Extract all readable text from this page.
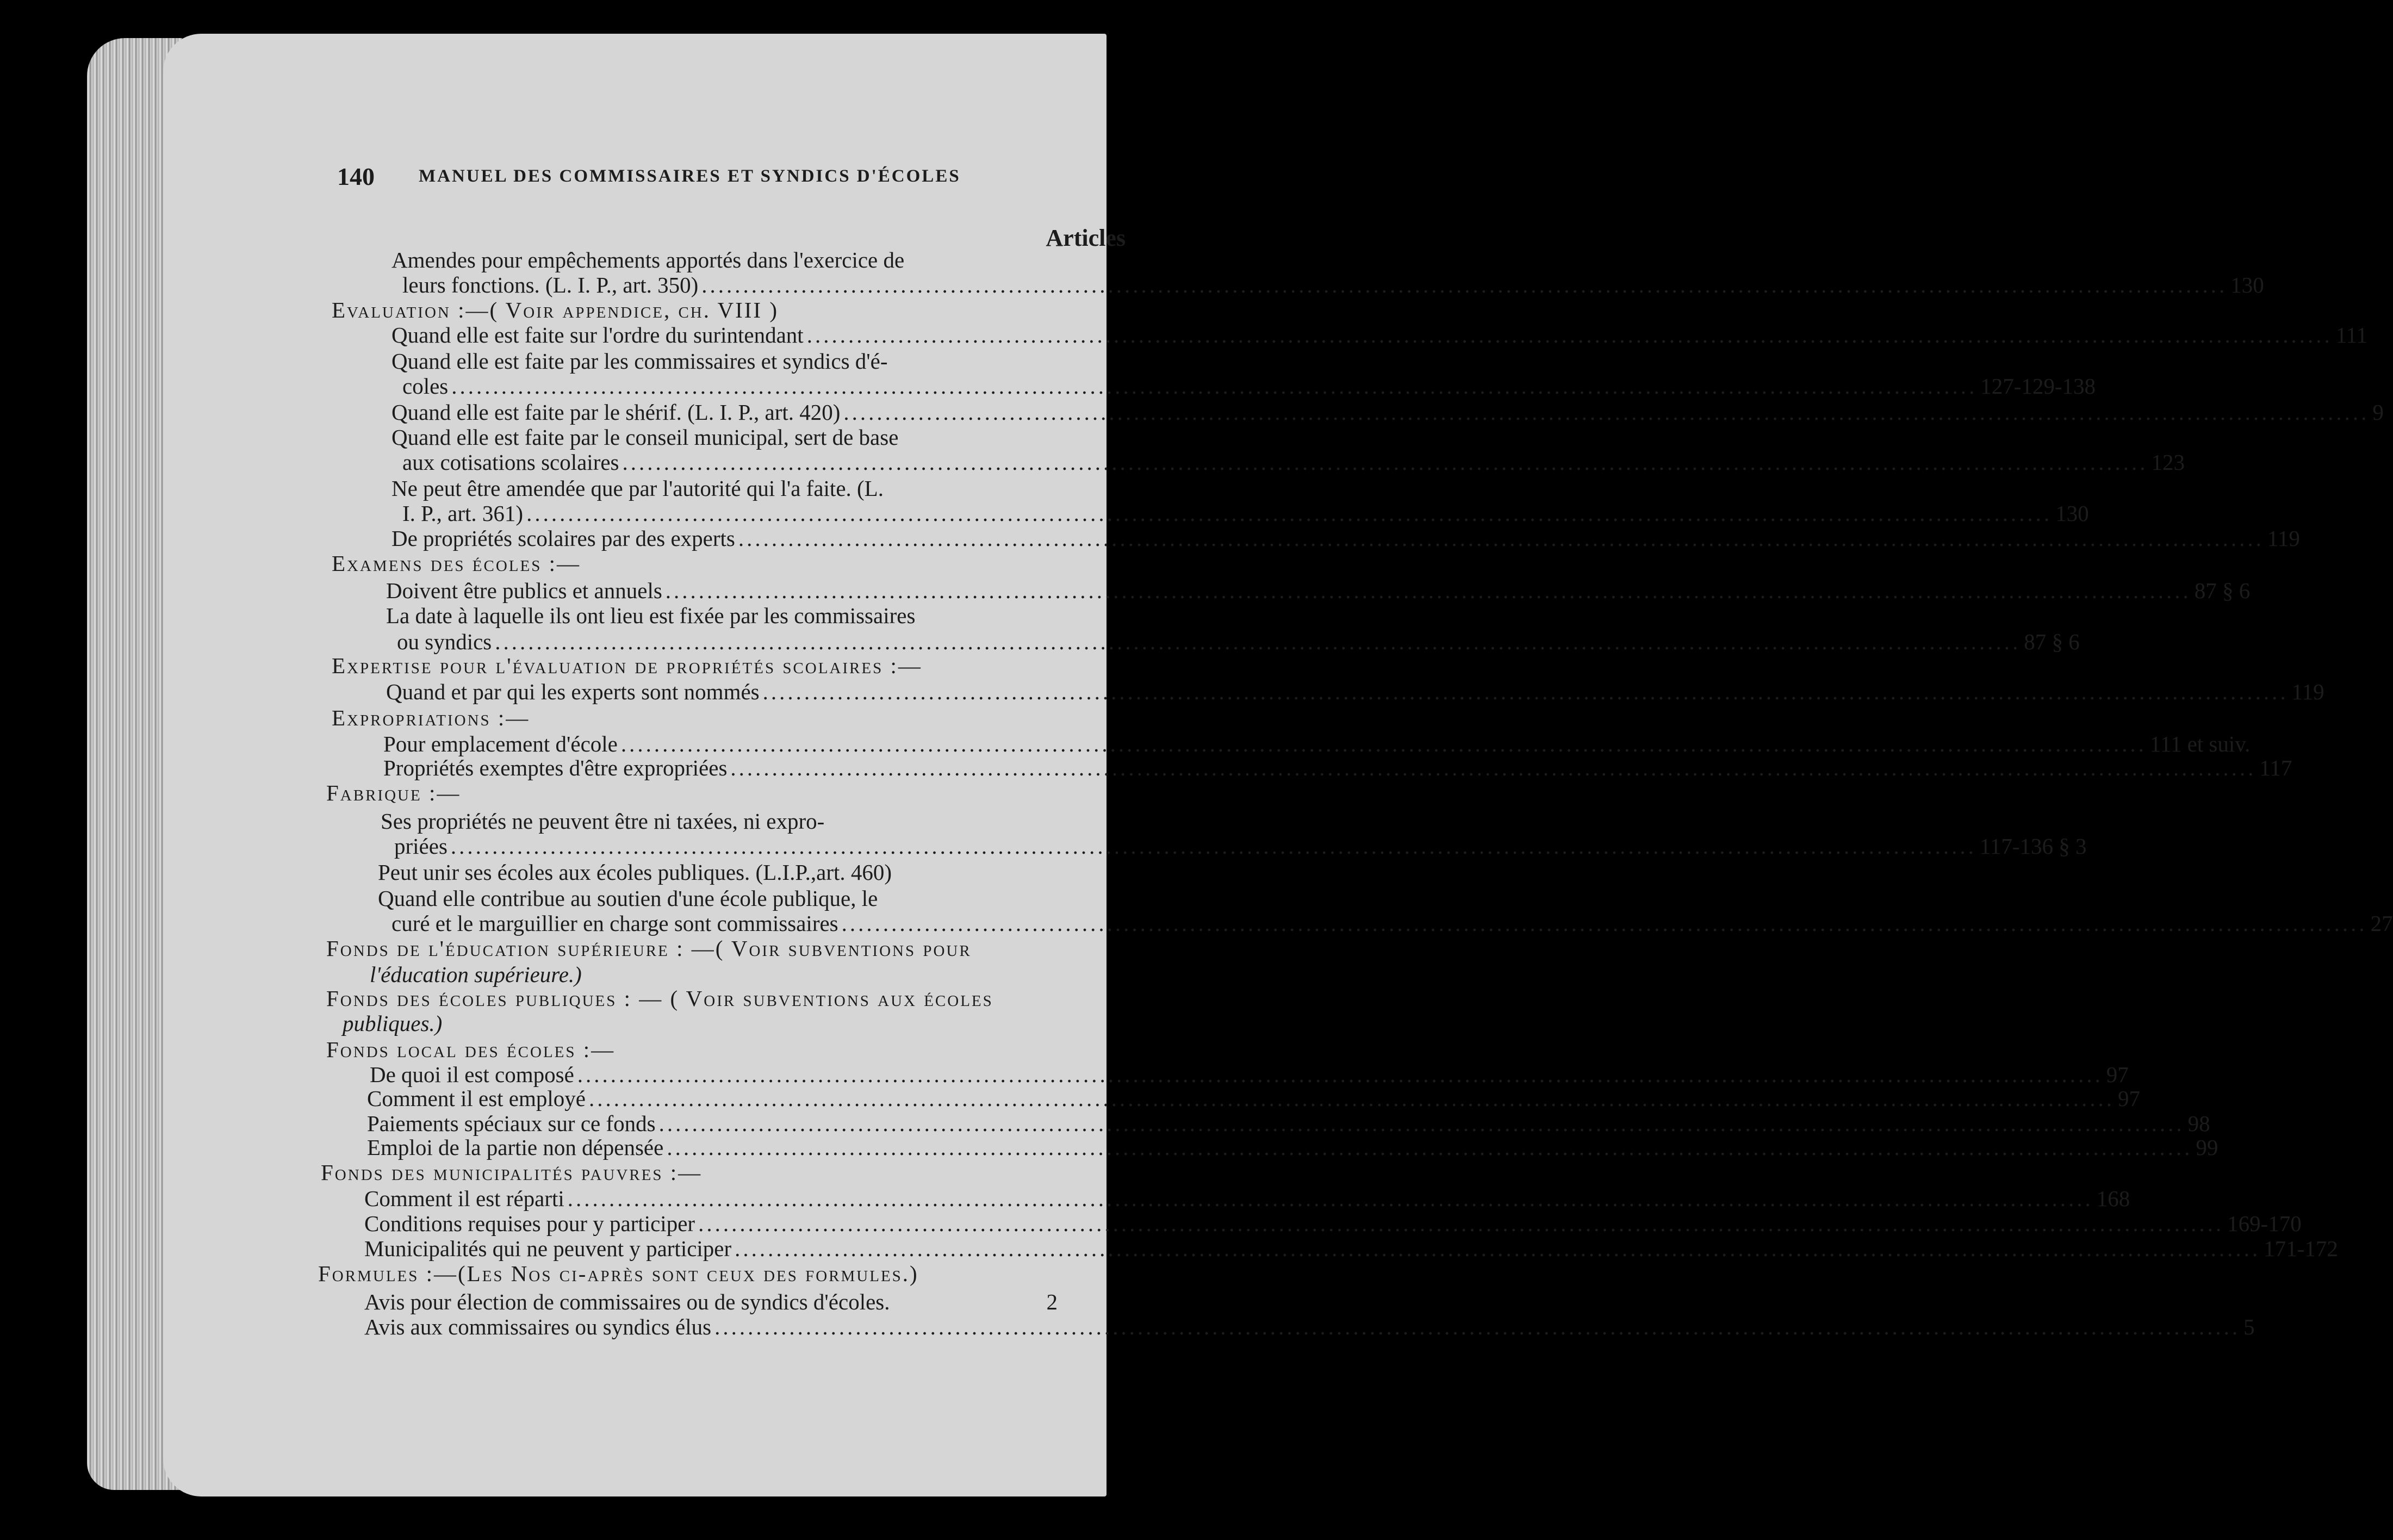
140 MANUEL DES COMMISSAIRES ET SYNDICS D'ÉCOLES
Articles
Amendes pour empêchements apportés dans l'exercice de
leurs fonctions. (L. I. P., art. 350) .....	130
Evaluation :—( Voir appendice, ch. VIII )
Quand elle est faite sur l'ordre du surintendant .....	111
Quand elle est faite par les commissaires et syndics d'é-
coles .....	127-129-138
Quand elle est faite par le shérif. (L. I. P., art. 420) .....	9
Quand elle est faite par le conseil municipal, sert de base
aux cotisations scolaires .....	123
Ne peut être amendée que par l'autorité qui l'a faite. (L.
I. P., art. 361) .....	130
De propriétés scolaires par des experts .....	119
Examens des écoles :—
Doivent être publics et annuels .....	87 § 6
La date à laquelle ils ont lieu est fixée par les commissaires
ou syndics .....	87 § 6
Expertise pour l'évaluation de propriétés scolaires :—
Quand et par qui les experts sont nommés .....	119
Expropriations :—
Pour emplacement d'école .....	111 et suiv.
Propriétés exemptes d'être expropriées .....	117
Fabrique :—
Ses propriétés ne peuvent être ni taxées, ni expro-
priées .....	117-136 § 3
Peut unir ses écoles aux écoles publiques. (L.I.P.,art. 460)
Quand elle contribue au soutien d'une école publique, le
curé et le marguillier en charge sont commissaires .....	27
Fonds de l'éducation supérieure : —( Voir subventions pour
l'éducation supérieure.)
Fonds des écoles publiques : — ( Voir subventions aux écoles
publiques.)
Fonds local des écoles :—
De quoi il est composé .....	97
Comment il est employé .....	97
Paiements spéciaux sur ce fonds .....	98
Emploi de la partie non dépensée .....	99
Fonds des municipalités pauvres :—
Comment il est réparti .....	168
Conditions requises pour y participer .....	169-170
Municipalités qui ne peuvent y participer .....	171-172
Formules :—(Les Nos ci-après sont ceux des formules.)
Avis pour élection de commissaires ou de syndics d'écoles.	2
Avis aux commissaires ou syndics élus .....	5
